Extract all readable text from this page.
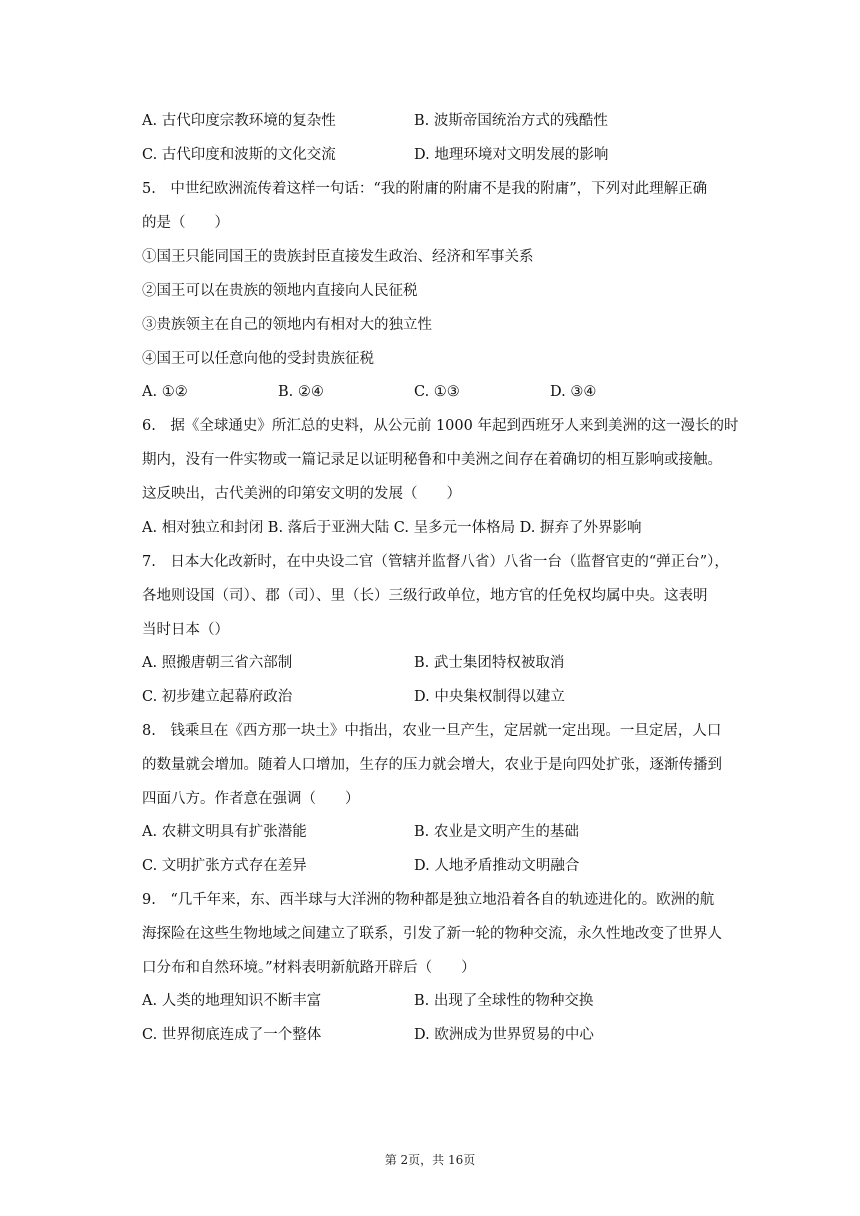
A. 古代印度宗教环境的复杂性	B. 波斯帝国统治方式的残酷性
C. 古代印度和波斯的文化交流	D. 地理环境对文明发展的影响

5.　中世纪欧洲流传着这样一句话：“我的附庸的附庸不是我的附庸”，下列对此理解正确

的是（　　）

①国王只能同国王的贵族封臣直接发生政治、经济和军事关系

②国王可以在贵族的领地内直接向人民征税

③贵族领主在自己的领地内有相对大的独立性

④国王可以任意向他的受封贵族征税

A. ①②	B. ②④	C. ①③	D. ③④

6.　据《全球通史》所汇总的史料，从公元前 1000 年起到西班牙人来到美洲的这一漫长的时

期内，没有一件实物或一篇记录足以证明秘鲁和中美洲之间存在着确切的相互影响或接触。

这反映出，古代美洲的印第安文明的发展（　　）

A. 相对独立和封闭 B. 落后于亚洲大陆 C. 呈多元一体格局 D. 摒弃了外界影响

7.　日本大化改新时，在中央设二官（管辖并监督八省）八省一台（监督官吏的“弹正台”），

各地则设国（司）、郡（司）、里（长）三级行政单位，地方官的任免权均属中央。这表明

当时日本（）

A. 照搬唐朝三省六部制	B. 武士集团特权被取消
C. 初步建立起幕府政治	D. 中央集权制得以建立

8.　钱乘旦在《西方那一块土》中指出，农业一旦产生，定居就一定出现。一旦定居，人口

的数量就会增加。随着人口增加，生存的压力就会增大，农业于是向四处扩张，逐渐传播到

四面八方。作者意在强调（　　）

A. 农耕文明具有扩张潜能	B. 农业是文明产生的基础
C. 文明扩张方式存在差异	D. 人地矛盾推动文明融合

9.　“几千年来，东、西半球与大洋洲的物种都是独立地沿着各自的轨迹进化的。欧洲的航

海探险在这些生物地域之间建立了联系，引发了新一轮的物种交流，永久性地改变了世界人

口分布和自然环境。”材料表明新航路开辟后（　　）

A. 人类的地理知识不断丰富	B. 出现了全球性的物种交换
C. 世界彻底连成了一个整体	D. 欧洲成为世界贸易的中心
第 2页，共 16页
